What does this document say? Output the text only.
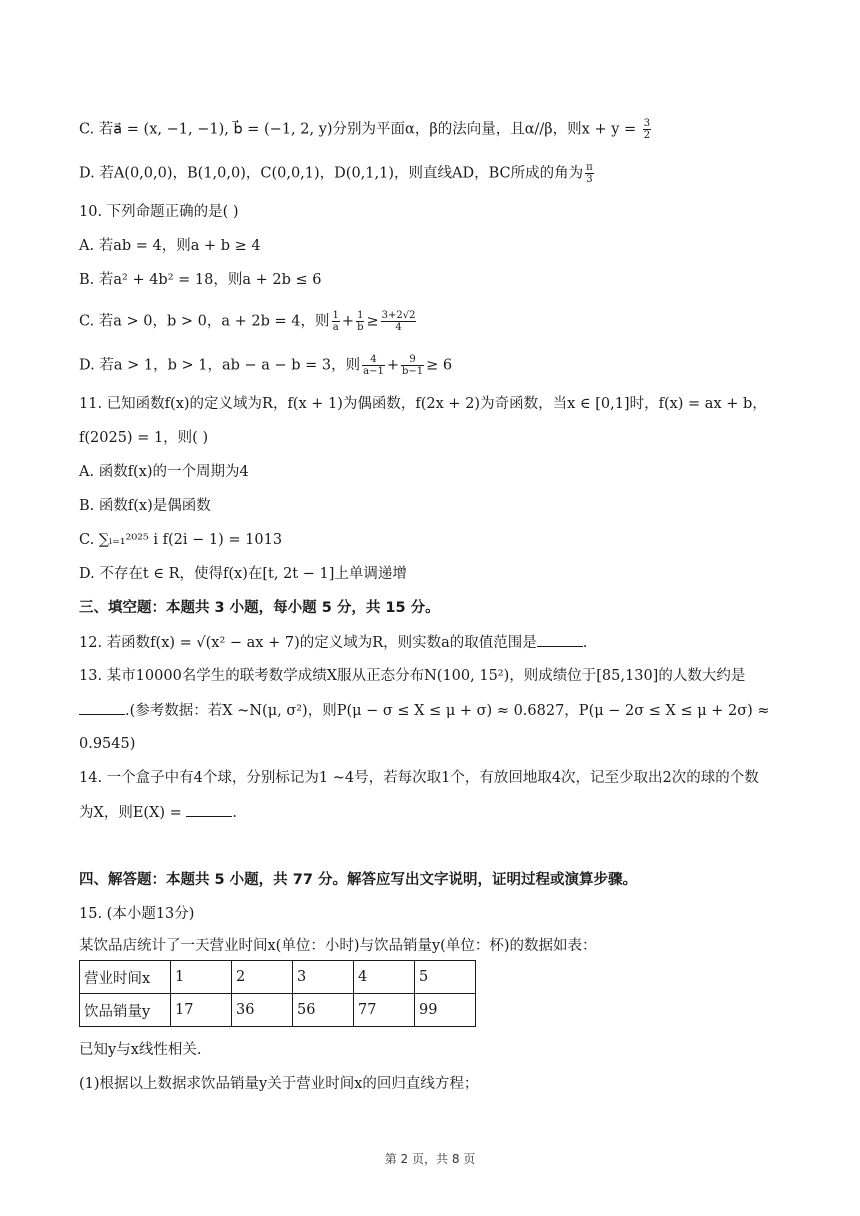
C. 若a⃗ = (x, −1, −1), b⃗ = (−1, 2, y)分别为平面α，β的法向量，且α//β，则$x + y = \frac{3}{2}$
D. 若A(0,0,0)，B(1,0,0)，C(0,0,1)，D(0,1,1)，则直线AD，BC所成的角为 $\frac{\pi}{3}$
10. 下列命题正确的是( )
A. 若ab = 4，则a + b ≥ 4
B. 若a² + 4b² = 18，则a + 2b ≤ 6
C. 若a > 0，b > 0，a + 2b = 4，则 $\frac{1}{a} + \frac{1}{b} \ge \frac{3+2√2}{4}$
D. 若a > 1，b > 1，ab − a − b = 3，则 $\frac{4}{a-1} + \frac{9}{b-1} \ge 6$
11. 已知函数f(x)的定义域为R，f(x + 1)为偶函数，f(2x + 2)为奇函数，当x ∈ [0,1]时，f(x) = ax + b，
f(2025) = 1，则( )
A. 函数f(x)的一个周期为4
B. 函数f(x)是偶函数
C. ∑ᵢ₌₁²⁰²⁵ i f(2i − 1) = 1013
D. 不存在t ∈ R，使得f(x)在[t, 2t − 1]上单调递增
三、填空题：本题共 3 小题，每小题 5 分，共 15 分。
12. 若函数f(x) = √(x² − ax + 7)的定义域为R，则实数a的取值范围是	.
13. 某市10000名学生的联考数学成绩X服从正态分布N(100, 15²)，则成绩位于[85,130]的人数大约是
.(参考数据：若X ~N(μ, σ²)，则P(μ − σ ≤ X ≤ μ + σ) ≈ 0.6827，P(μ − 2σ ≤ X ≤ μ + 2σ) ≈
0.9545)
14. 一个盒子中有4个球，分别标记为1 ~4号，若每次取1个，有放回地取4次，记至少取出2次的球的个数
为X，则E(X) =	.
四、解答题：本题共 5 小题，共 77 分。解答应写出文字说明，证明过程或演算步骤。
15. (本小题13分)
某饮品店统计了一天营业时间x(单位：小时)与饮品销量y(单位：杯)的数据如表：
营业时间x	1	2	3	4	5
饮品销量y	17	36	56	77	99
已知y与x线性相关.
(1)根据以上数据求饮品销量y关于营业时间x的回归直线方程；
第 2 页，共 8 页
